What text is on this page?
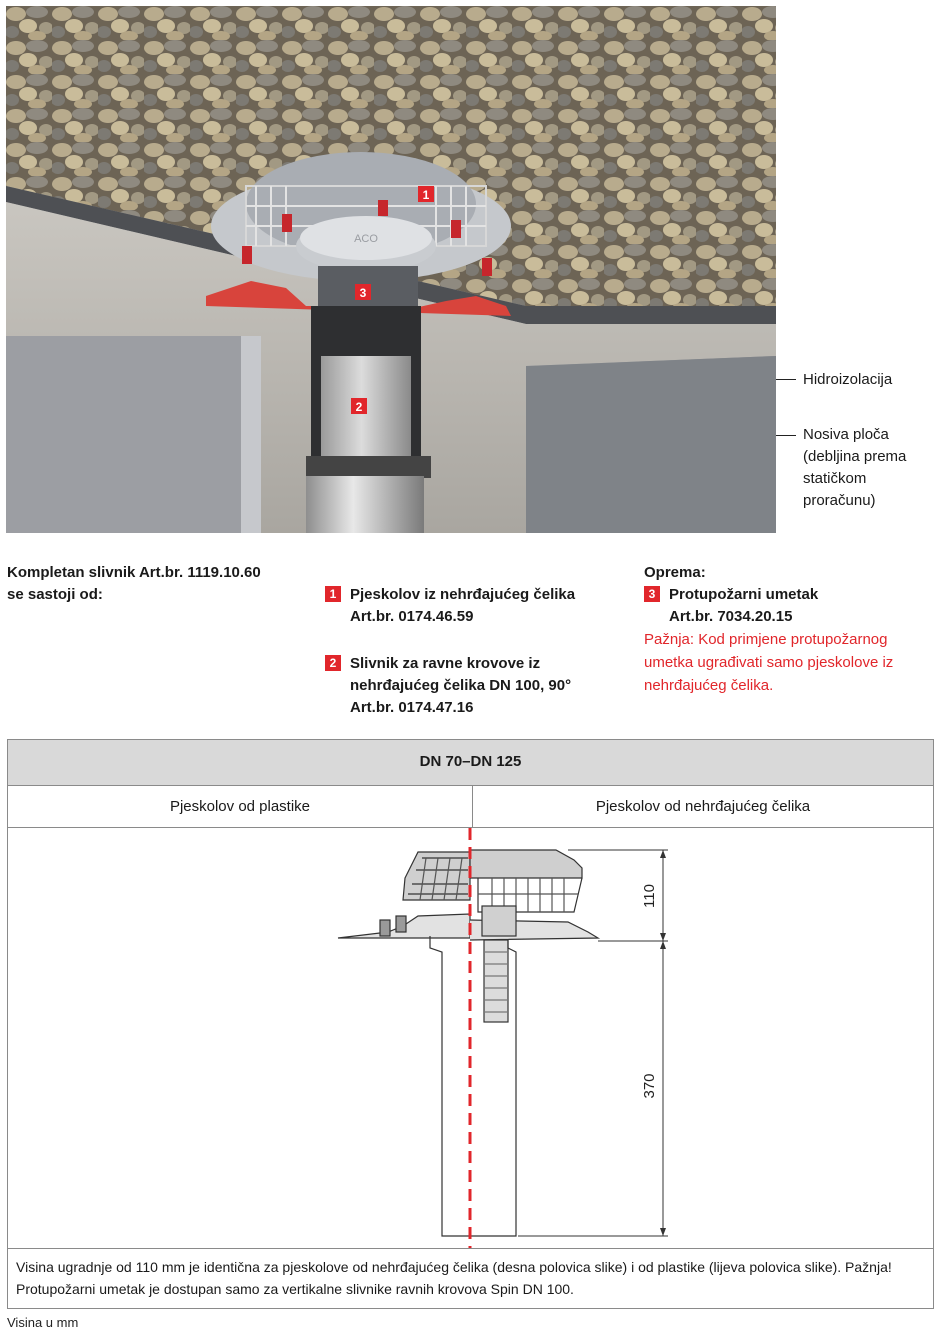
ACO
1
2
3
Hidroizolacija
Nosiva ploča
(debljina prema
statičkom
proračunu)
Kompletan slivnik Art.br. 1119.10.60
se sastoji od:	1 Pjeskolov iz nehrđajućeg čelika
Art.br. 0174.46.59
2 Slivnik za ravne krovove iz
nehrđajućeg čelika DN 100, 90°
Art.br. 0174.47.16
Oprema:
3 Protupožarni umetak
Art.br. 7034.20.15
Pažnja: Kod primjene protupožarnog
umetka ugrađivati samo pjeskolove iz
nehrđajućeg čelika.
DN 70–DN 125
Pjeskolov od plastike	Pjeskolov od nehrđajućeg čelika
110
370
Visina ugradnje od 110 mm je identična za pjeskolove od nehrđajućeg čelika (desna polovica slike) i od plastike (lijeva polovica slike). Pažnja!
Protupožarni umetak je dostupan samo za vertikalne slivnike ravnih krovova Spin DN 100.
Visina u mm
